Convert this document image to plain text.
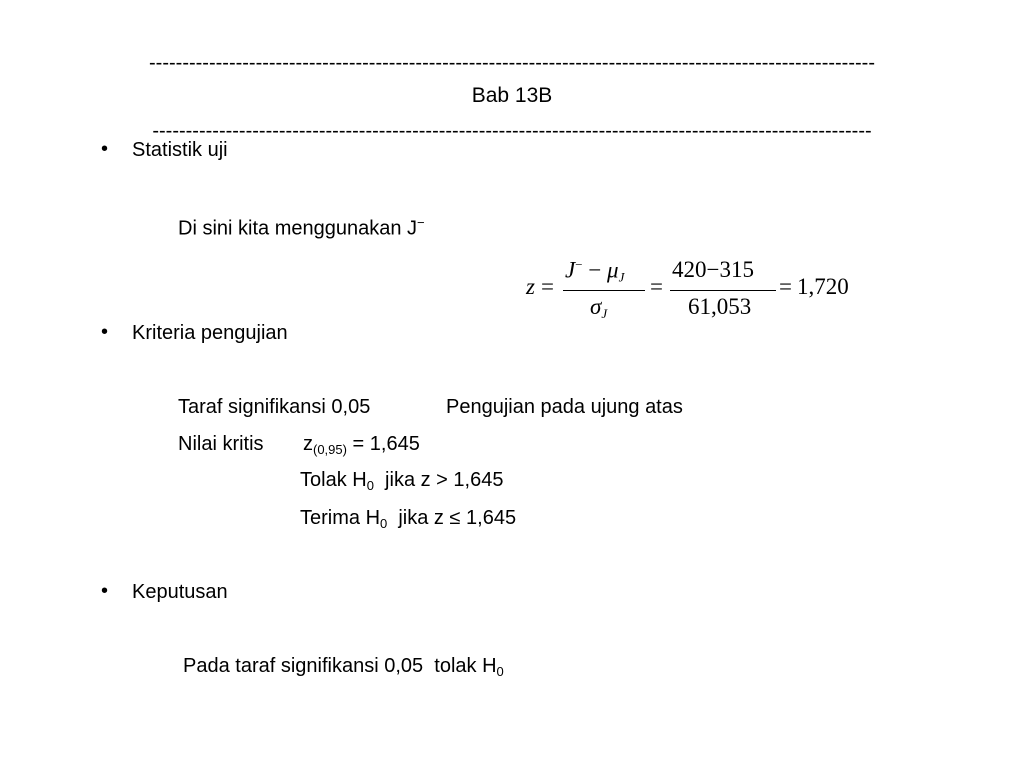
-------------------------------------------------------------------------------------------------------------
Bab 13B
------------------------------------------------------------------------------------------------------------
• Statistik uji
Di sini kita menggunakan J−
z =
$J^- - \mu_J$
$\sigma_J$
=
420−315
61,053
= 1,720
• Kriteria pengujian
Taraf signifikansi 0,05	Pengujian pada ujung atas
Nilai kritis $z_{(0,95)} = 1,645$
Tolak $H_0$  jika z > 1,645
Terima $H_0$  jika z ≤ 1,645
• Keputusan
Pada taraf signifikansi 0,05  tolak $H_0$
